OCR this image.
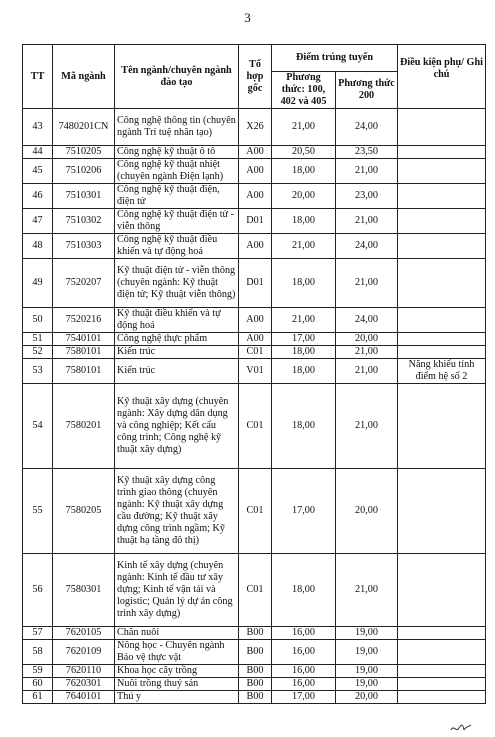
3
TT	Mã ngành	Tên ngành/chuyên ngành đào tạo	Tổ hợp gốc	Điểm trúng tuyển		Điều kiện phụ/ Ghi chú
				Phương thức: 100, 402 và 405	Phương thức 200	
43	7480201CN	Công nghệ thông tin (chuyên ngành Trí tuệ nhân tạo)	X26	21,00	24,00	
44	7510205	Công nghệ kỹ thuật ô tô	A00	20,50	23,50	
45	7510206	Công nghệ kỹ thuật nhiệt (chuyên ngành Điện lạnh)	A00	18,00	21,00	
46	7510301	Công nghệ kỹ thuật điện, điện tử	A00	20,00	23,00	
47	7510302	Công nghệ kỹ thuật điện tử - viễn thông	D01	18,00	21,00	
48	7510303	Công nghệ kỹ thuật điều khiển và tự động hoá	A00	21,00	24,00	
49	7520207	Kỹ thuật điện tử - viễn thông (chuyên ngành: Kỹ thuật điện tử; Kỹ thuật viễn thông)	D01	18,00	21,00	
50	7520216	Kỹ thuật điều khiển và tự động hoá	A00	21,00	24,00	
51	7540101	Công nghệ thực phẩm	A00	17,00	20,00	
52	7580101	Kiến trúc	C01	18,00	21,00	
53	7580101	Kiến trúc	V01	18,00	21,00	Năng khiếu tính điểm hệ số 2
54	7580201	Kỹ thuật xây dựng (chuyên ngành: Xây dựng dân dụng và công nghiệp; Kết cấu công trình; Công nghệ kỹ thuật xây dựng)	C01	18,00	21,00	
55	7580205	Kỹ thuật xây dựng công trình giao thông (chuyên ngành: Kỹ thuật xây dựng cầu đường; Kỹ thuật xây dựng công trình ngầm; Kỹ thuật hạ tầng đô thị)	C01	17,00	20,00	
56	7580301	Kinh tế xây dựng (chuyên ngành: Kinh tế đầu tư xây dựng; Kinh tế vận tải và logistic; Quản lý dự án công trình xây dựng)	C01	18,00	21,00	
57	7620105	Chăn nuôi	B00	16,00	19,00	
58	7620109	Nông học - Chuyên ngành Bảo vệ thực vật	B00	16,00	19,00	
59	7620110	Khoa học cây trồng	B00	16,00	19,00	
60	7620301	Nuôi trồng thuỷ sản	B00	16,00	19,00	
61	7640101	Thú y	B00	17,00	20,00	
